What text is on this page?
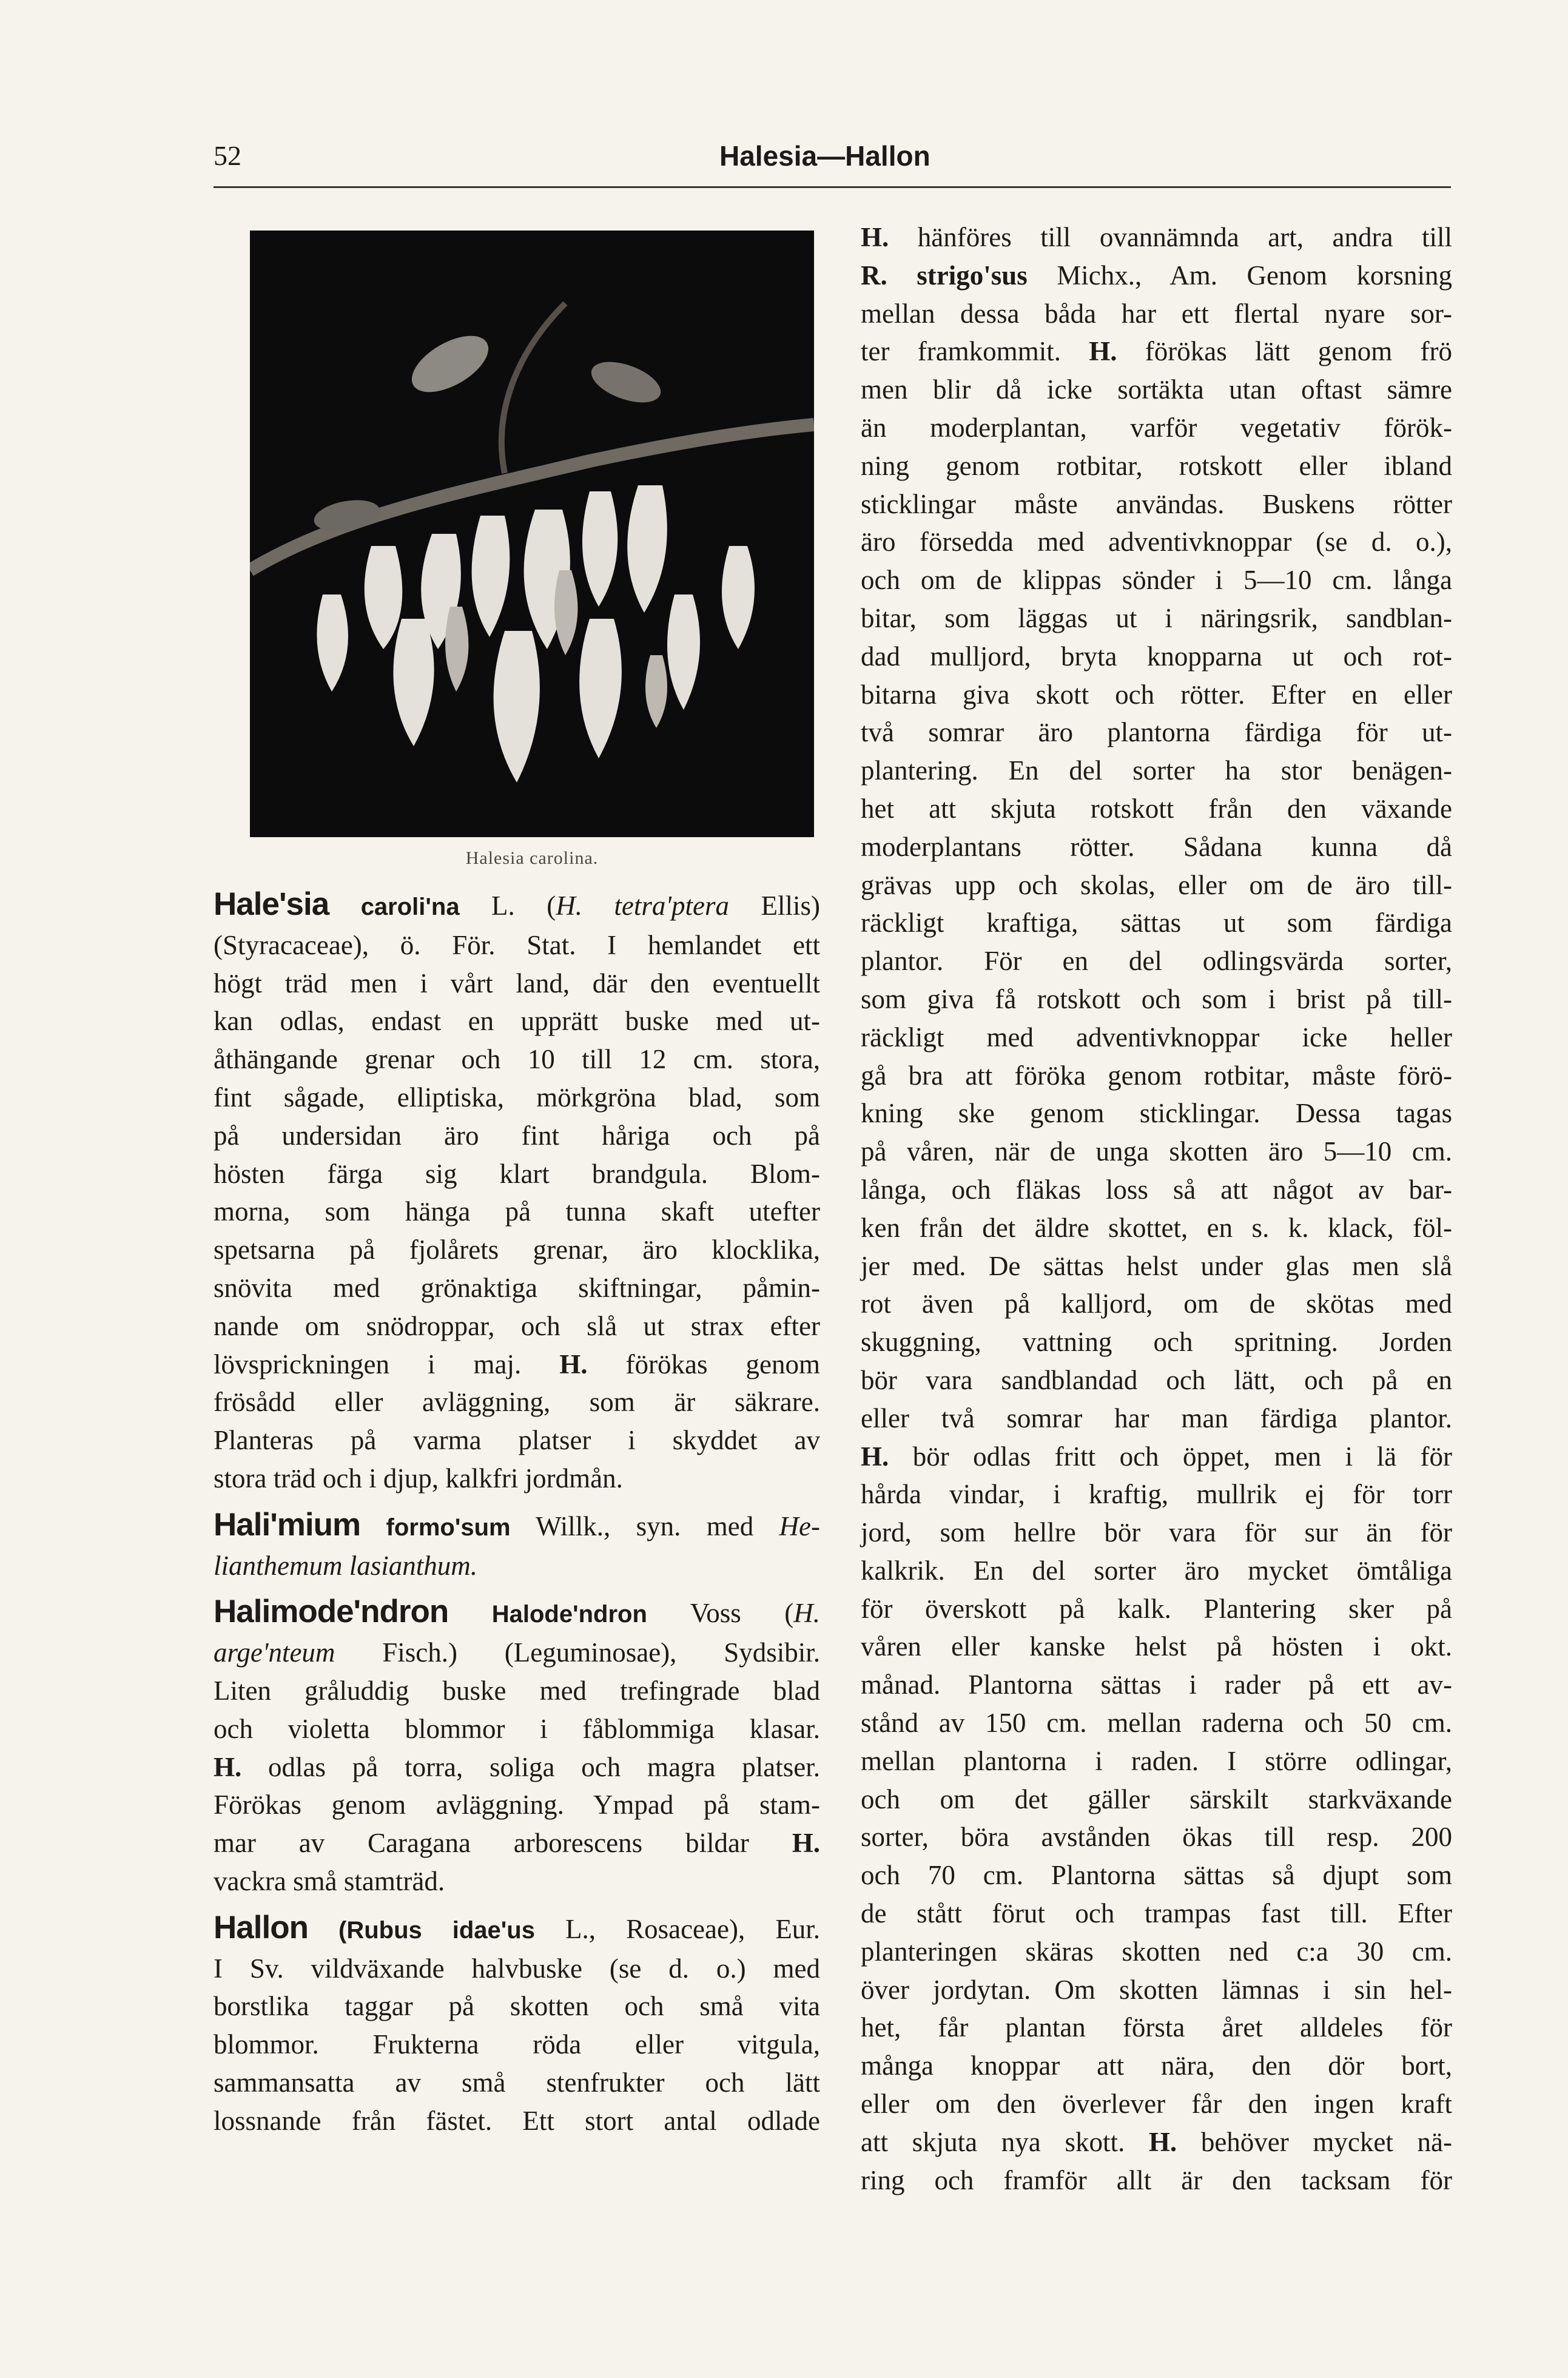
52	Halesia—Hallon
Halesia carolina.
Hale'sia caroli'na L. (H. tetra'ptera Ellis)
(Styracaceae), ö. För. Stat. I hemlandet ett
högt träd men i vårt land, där den eventuellt
kan odlas, endast en upprätt buske med ut-
åthängande grenar och 10 till 12 cm. stora,
fint sågade, elliptiska, mörkgröna blad, som
på undersidan äro fint håriga och på
hösten färga sig klart brandgula. Blom-
morna, som hänga på tunna skaft utefter
spetsarna på fjolårets grenar, äro klocklika,
snövita med grönaktiga skiftningar, påmin-
nande om snödroppar, och slå ut strax efter
lövsprickningen i maj. H. förökas genom
frösådd eller avläggning, som är säkrare.
Planteras på varma platser i skyddet av
stora träd och i djup, kalkfri jordmån.
Hali'mium formo'sum Willk., syn. med He-
lianthemum lasianthum.
Halimode'ndron Halode'ndron Voss (H.
arge'nteum Fisch.) (Leguminosae), Sydsibir.
Liten gråluddig buske med trefingrade blad
och violetta blommor i fåblommiga klasar.
H. odlas på torra, soliga och magra platser.
Förökas genom avläggning. Ympad på stam-
mar av Caragana arborescens bildar H.
vackra små stamträd.
Hallon (Rubus idae'us L., Rosaceae), Eur.
I Sv. vildväxande halvbuske (se d. o.) med
borstlika taggar på skotten och små vita
blommor. Frukterna röda eller vitgula,
sammansatta av små stenfrukter och lätt
lossnande från fästet. Ett stort antal odlade
H. hänföres till ovannämnda art, andra till
R. strigo'sus Michx., Am. Genom korsning
mellan dessa båda har ett flertal nyare sor-
ter framkommit. H. förökas lätt genom frö
men blir då icke sortäkta utan oftast sämre
än moderplantan, varför vegetativ förök-
ning genom rotbitar, rotskott eller ibland
sticklingar måste användas. Buskens rötter
äro försedda med adventivknoppar (se d. o.),
och om de klippas sönder i 5—10 cm. långa
bitar, som läggas ut i näringsrik, sandblan-
dad mulljord, bryta knopparna ut och rot-
bitarna giva skott och rötter. Efter en eller
två somrar äro plantorna färdiga för ut-
plantering. En del sorter ha stor benägen-
het att skjuta rotskott från den växande
moderplantans rötter. Sådana kunna då
grävas upp och skolas, eller om de äro till-
räckligt kraftiga, sättas ut som färdiga
plantor. För en del odlingsvärda sorter,
som giva få rotskott och som i brist på till-
räckligt med adventivknoppar icke heller
gå bra att föröka genom rotbitar, måste förö-
kning ske genom sticklingar. Dessa tagas
på våren, när de unga skotten äro 5—10 cm.
långa, och fläkas loss så att något av bar-
ken från det äldre skottet, en s. k. klack, föl-
jer med. De sättas helst under glas men slå
rot även på kalljord, om de skötas med
skuggning, vattning och spritning. Jorden
bör vara sandblandad och lätt, och på en
eller två somrar har man färdiga plantor.
H. bör odlas fritt och öppet, men i lä för
hårda vindar, i kraftig, mullrik ej för torr
jord, som hellre bör vara för sur än för
kalkrik. En del sorter äro mycket ömtåliga
för överskott på kalk. Plantering sker på
våren eller kanske helst på hösten i okt.
månad. Plantorna sättas i rader på ett av-
stånd av 150 cm. mellan raderna och 50 cm.
mellan plantorna i raden. I större odlingar,
och om det gäller särskilt starkväxande
sorter, böra avstånden ökas till resp. 200
och 70 cm. Plantorna sättas så djupt som
de stått förut och trampas fast till. Efter
planteringen skäras skotten ned c:a 30 cm.
över jordytan. Om skotten lämnas i sin hel-
het, får plantan första året alldeles för
många knoppar att nära, den dör bort,
eller om den överlever får den ingen kraft
att skjuta nya skott. H. behöver mycket nä-
ring och framför allt är den tacksam för
